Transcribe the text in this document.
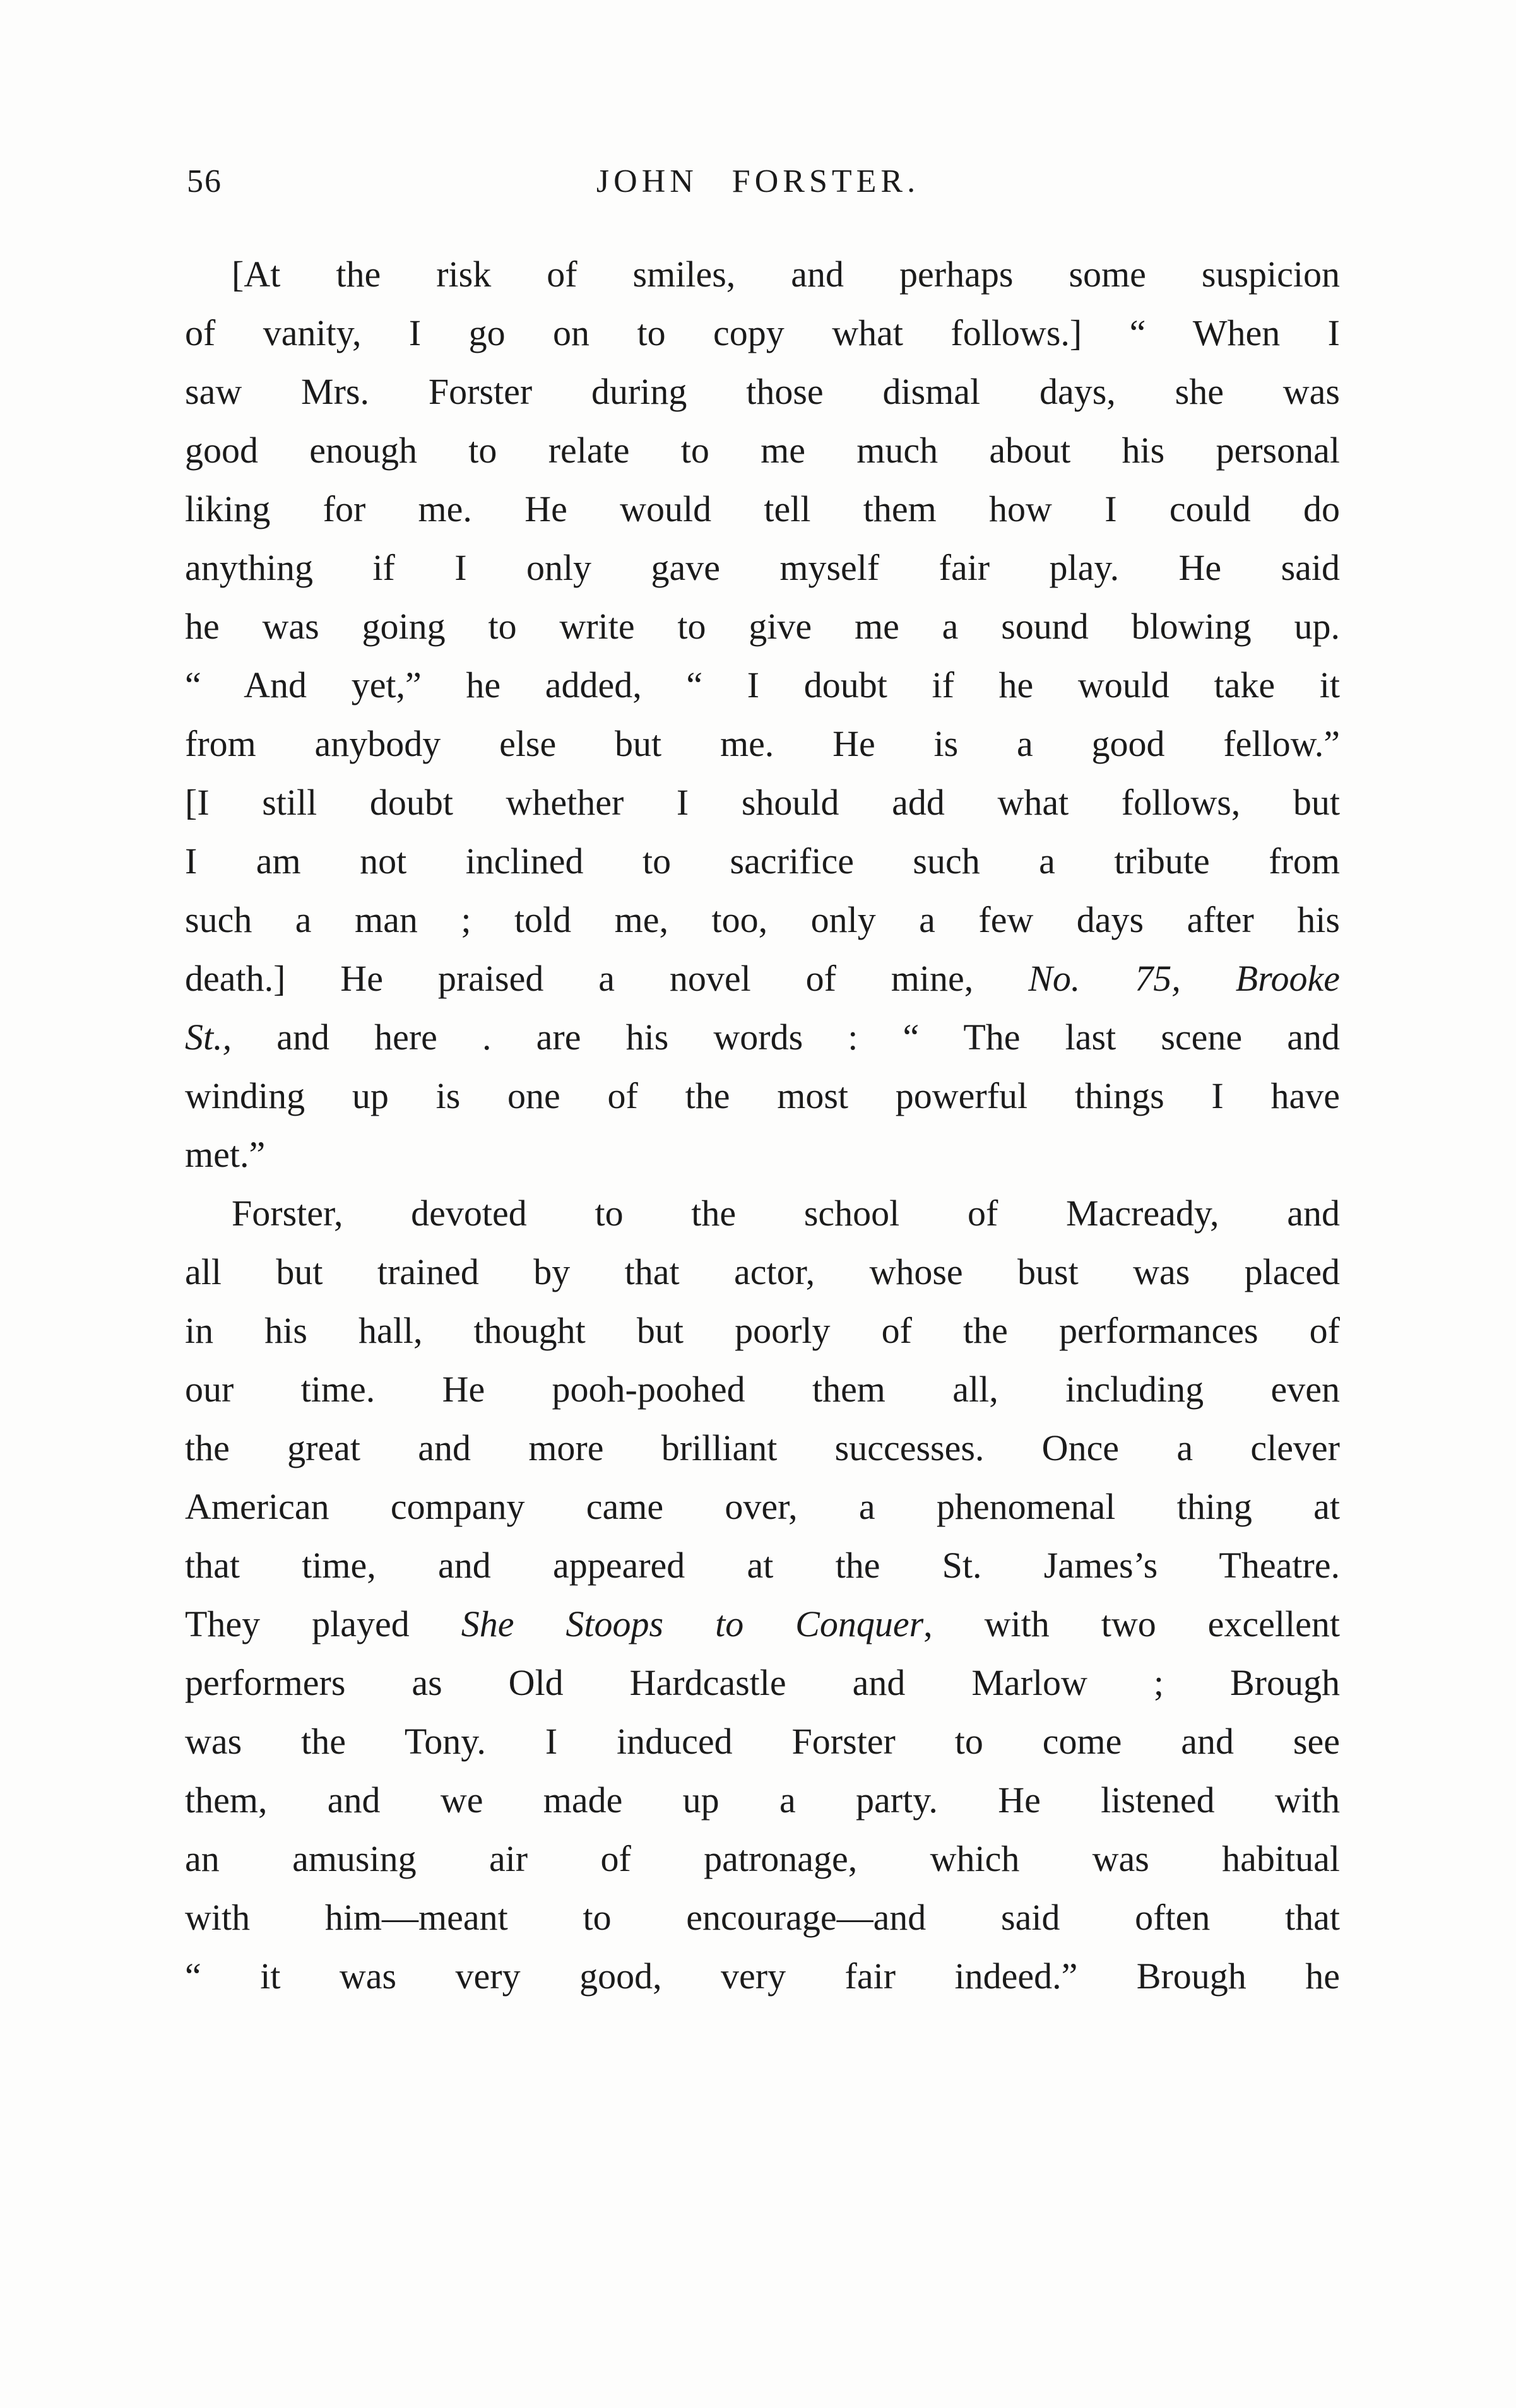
56	JOHN FORSTER.
[At the risk of smiles, and perhaps some suspicion
of vanity, I go on to copy what follows.] “ When I
saw Mrs. Forster during those dismal days, she was
good enough to relate to me much about his personal
liking for me. He would tell them how I could do
anything if I only gave myself fair play. He said
he was going to write to give me a sound blowing up.
“ And yet,” he added, “ I doubt if he would take it
from anybody else but me. He is a good fellow.”
[I still doubt whether I should add what follows, but
I am not inclined to sacrifice such a tribute from
such a man ; told me, too, only a few days after his
death.] He praised a novel of mine, No. 75, Brooke
St., and here . are his words : “ The last scene and
winding up is one of the most powerful things I have
met.”
Forster, devoted to the school of Macready, and
all but trained by that actor, whose bust was placed
in his hall, thought but poorly of the performances of
our time. He pooh-poohed them all, including even
the great and more brilliant successes. Once a clever
American company came over, a phenomenal thing at
that time, and appeared at the St. James’s Theatre.
They played She Stoops to Conquer, with two excellent
performers as Old Hardcastle and Marlow ; Brough
was the Tony. I induced Forster to come and see
them, and we made up a party. He listened with
an amusing air of patronage, which was habitual
with him—meant to encourage—and said often that
“ it was very good, very fair indeed.” Brough he
